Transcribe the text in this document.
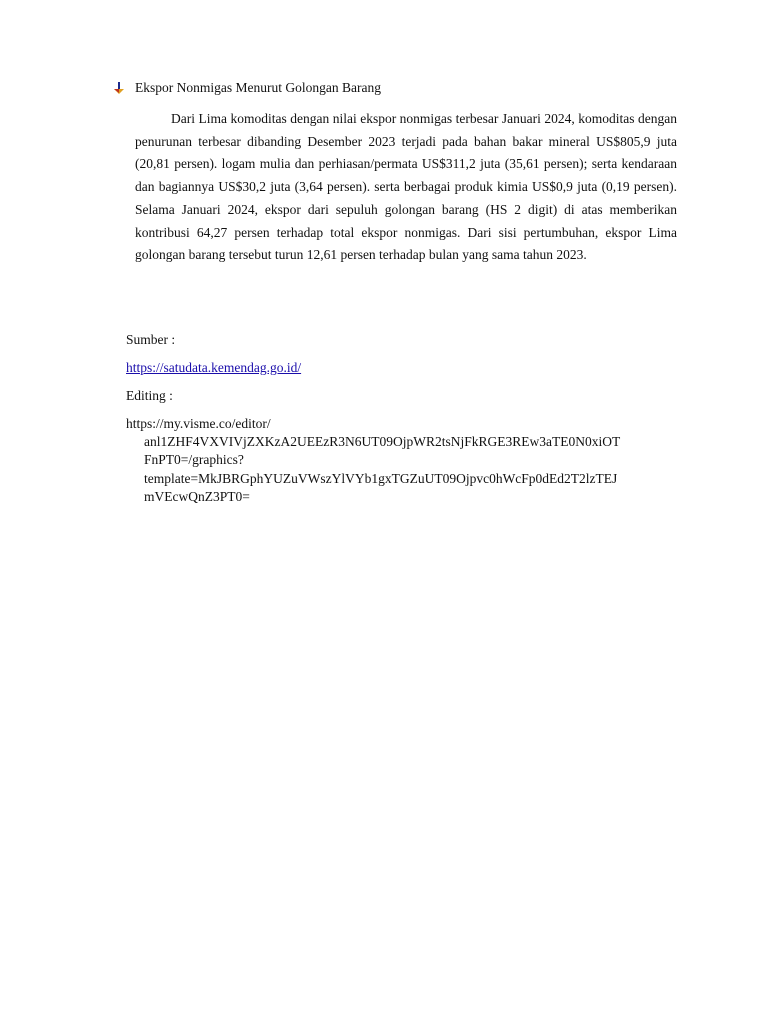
Ekspor Nonmigas Menurut Golongan Barang

Dari Lima komoditas dengan nilai ekspor nonmigas terbesar Januari 2024, komoditas dengan penurunan terbesar dibanding Desember 2023 terjadi pada bahan bakar mineral US$805,9 juta (20,81 persen). logam mulia dan perhiasan/permata US$311,2 juta (35,61 persen); serta kendaraan dan bagiannya US$30,2 juta (3,64 persen). serta berbagai produk kimia US$0,9 juta (0,19 persen). Selama Januari 2024, ekspor dari sepuluh golongan barang (HS 2 digit) di atas memberikan kontribusi 64,27 persen terhadap total ekspor nonmigas. Dari sisi pertumbuhan, ekspor Lima golongan barang tersebut turun 12,61 persen terhadap bulan yang sama tahun 2023.

Sumber :
https://satudata.kemendag.go.id/
Editing :
https://my.visme.co/editor/
anl1ZHF4VXVIVjZXKzA2UEEzR3N6UT09OjpWR2tsNjFkRGE3REw3aTE0N0xiOT
FnPT0=/graphics?
template=MkJBRGphYUZuVWszYlVYb1gxTGZuUT09Ojpvc0hWcFp0dEd2T2lzTEJ
mVEcwQnZ3PT0=
